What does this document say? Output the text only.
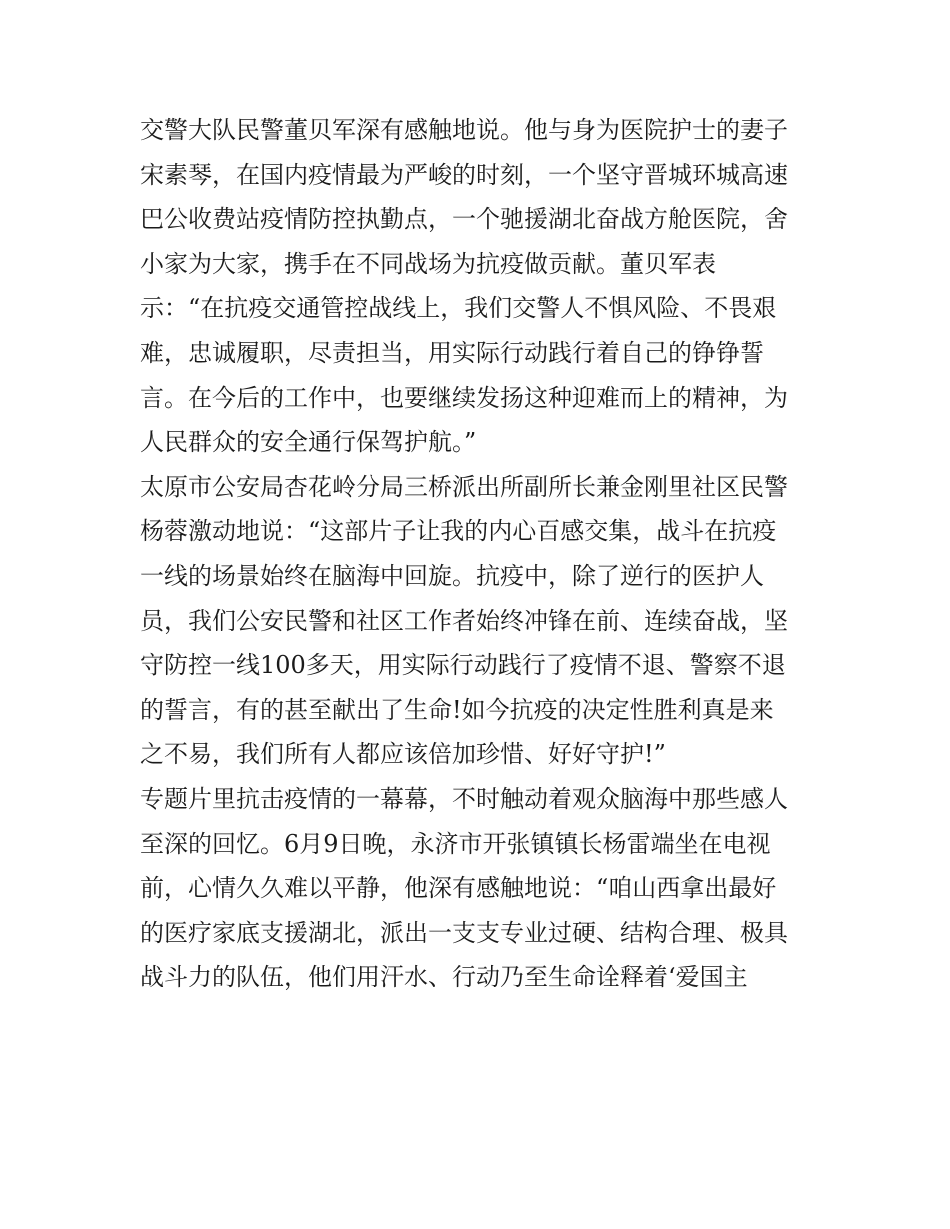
交警大队民警董贝军深有感触地说。他与身为医院护士的妻子
宋素琴，在国内疫情最为严峻的时刻，一个坚守晋城环城高速
巴公收费站疫情防控执勤点，一个驰援湖北奋战方舱医院，舍
小家为大家，携手在不同战场为抗疫做贡献。董贝军表
示：“在抗疫交通管控战线上，我们交警人不惧风险、不畏艰
难，忠诚履职，尽责担当，用实际行动践行着自己的铮铮誓
言。在今后的工作中，也要继续发扬这种迎难而上的精神，为
人民群众的安全通行保驾护航。”
太原市公安局杏花岭分局三桥派出所副所长兼金刚里社区民警
杨蓉激动地说：“这部片子让我的内心百感交集，战斗在抗疫
一线的场景始终在脑海中回旋。抗疫中，除了逆行的医护人
员，我们公安民警和社区工作者始终冲锋在前、连续奋战，坚
守防控一线100多天，用实际行动践行了疫情不退、警察不退
的誓言，有的甚至献出了生命!如今抗疫的决定性胜利真是来
之不易，我们所有人都应该倍加珍惜、好好守护!”
专题片里抗击疫情的一幕幕，不时触动着观众脑海中那些感人
至深的回忆。6月9日晚，永济市开张镇镇长杨雷端坐在电视
前，心情久久难以平静，他深有感触地说：“咱山西拿出最好
的医疗家底支援湖北，派出一支支专业过硬、结构合理、极具
战斗力的队伍，他们用汗水、行动乃至生命诠释着‘爱国主
